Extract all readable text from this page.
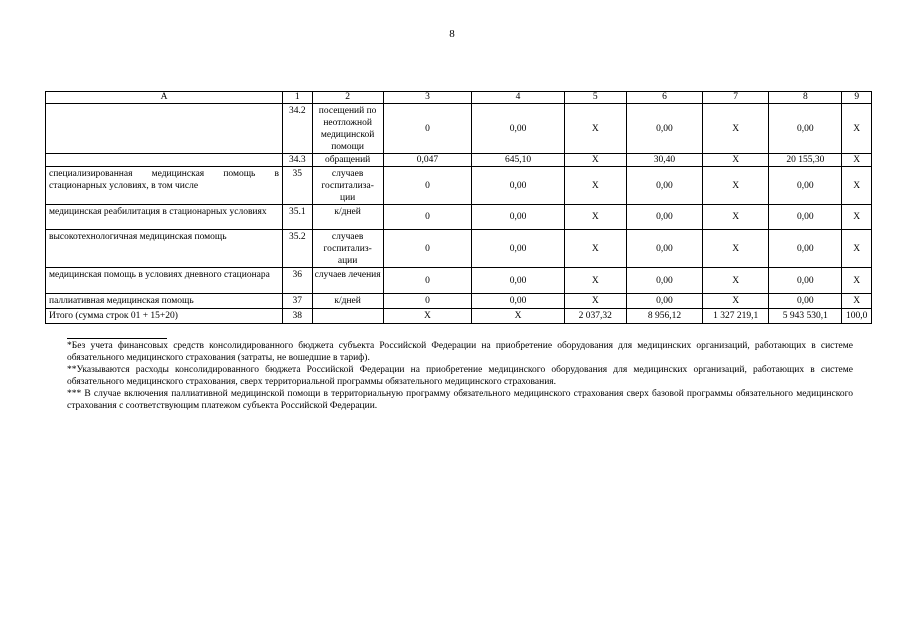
8
А	1	2	3	4	5	6	7	8	9
	34.2	посещений по неотложной медицинской помощи	0	0,00	Х	0,00	Х	0,00	Х
	34.3	обращений	0,047	645,10	Х	30,40	Х	20 155,30	Х
специализированная медицинская помощь в стационарных условиях, в том числе	35	случаев госпитализа-ции	0	0,00	Х	0,00	Х	0,00	Х
медицинская реабилитация в стационарных условиях	35.1	к/дней	0	0,00	Х	0,00	Х	0,00	Х
высокотехнологичная медицинская помощь	35.2	случаев госпитализ-ации	0	0,00	Х	0,00	Х	0,00	Х
медицинская помощь в условиях дневного стационара	36	случаев лечения	0	0,00	Х	0,00	Х	0,00	Х
паллиативная медицинская помощь	37	к/дней	0	0,00	Х	0,00	Х	0,00	Х
Итого (сумма строк 01 + 15+20)	38		Х	Х	2 037,32	8 956,12	1 327 219,1	5 943 530,1	100,0

*Без учета финансовых средств консолидированного бюджета субъекта Российской Федерации на приобретение оборудования для медицинских организаций, работающих в системе обязательного медицинского страхования (затраты, не вошедшие в тариф).

**Указываются расходы консолидированного бюджета Российской Федерации на приобретение медицинского оборудования для медицинских организаций, работающих в системе обязательного медицинского страхования, сверх территориальной программы обязательного медицинского страхования.

*** В случае включения паллиативной медицинской помощи в территориальную программу обязательного медицинского страхования сверх базовой программы обязательного медицинского страхования с соответствующим платежом субъекта Российской Федерации.
